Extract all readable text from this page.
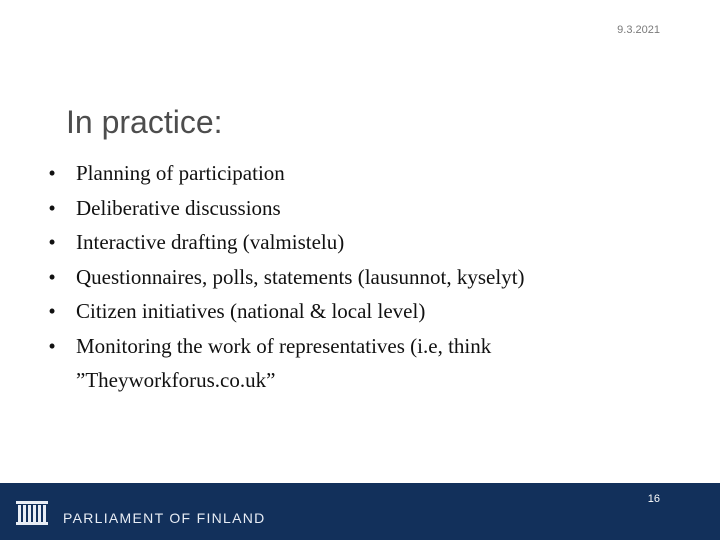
9.3.2021
In practice:
• Planning of participation
• Deliberative discussions
• Interactive drafting (valmistelu)
• Questionnaires, polls, statements (lausunnot, kyselyt)
• Citizen initiatives (national & local level)
• Monitoring the work of representatives (i.e, think ”Theyworkforus.co.uk”
PARLIAMENT OF FINLAND
16
